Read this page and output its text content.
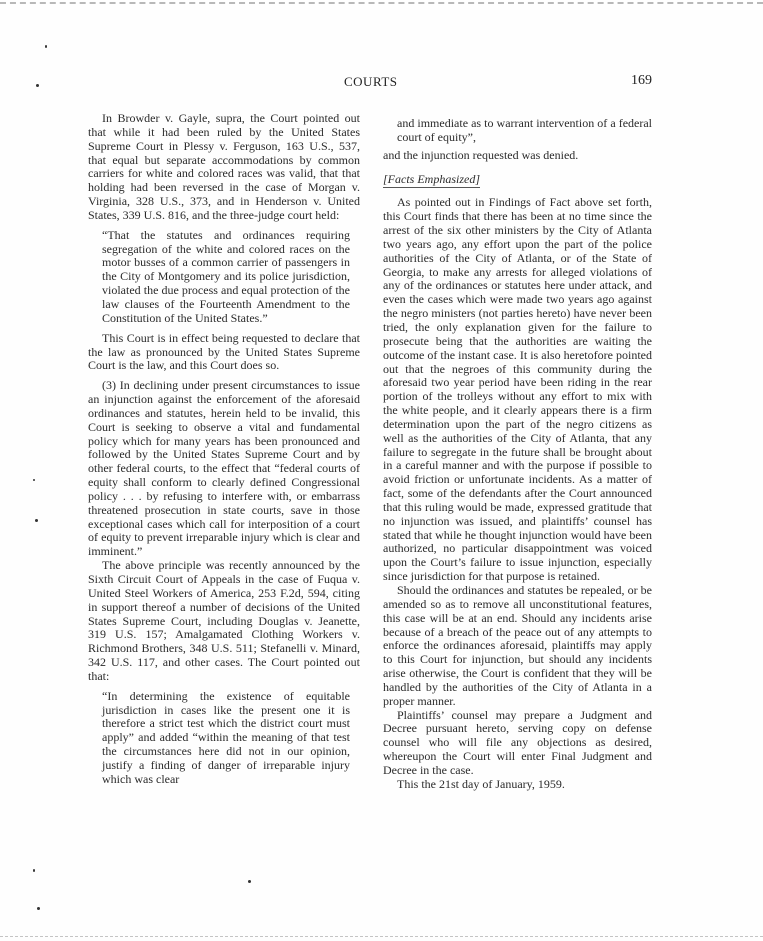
COURTS	169

In Browder v. Gayle, supra, the Court pointed out that while it had been ruled by the United States Supreme Court in Plessy v. Ferguson, 163 U.S., 537, that equal but separate accommodations by common carriers for white and colored races was valid, that that holding had been reversed in the case of Morgan v. Virginia, 328 U.S., 373, and in Henderson v. United States, 339 U.S. 816, and the three-judge court held:

“That the statutes and ordinances requiring segregation of the white and colored races on the motor busses of a common carrier of passengers in the City of Montgomery and its police jurisdiction, violated the due process and equal protection of the law clauses of the Fourteenth Amendment to the Constitution of the United States.”

This Court is in effect being requested to declare that the law as pronounced by the United States Supreme Court is the law, and this Court does so.

(3) In declining under present circumstances to issue an injunction against the enforcement of the aforesaid ordinances and statutes, herein held to be invalid, this Court is seeking to observe a vital and fundamental policy which for many years has been pronounced and followed by the United States Supreme Court and by other federal courts, to the effect that “federal courts of equity shall conform to clearly defined Congressional policy . . . by refusing to interfere with, or embarrass threatened prosecution in state courts, save in those exceptional cases which call for interposition of a court of equity to prevent irreparable injury which is clear and imminent.”

The above principle was recently announced by the Sixth Circuit Court of Appeals in the case of Fuqua v. United Steel Workers of America, 253 F.2d, 594, citing in support thereof a number of decisions of the United States Supreme Court, including Douglas v. Jeanette, 319 U.S. 157; Amalgamated Clothing Workers v. Richmond Brothers, 348 U.S. 511; Stefanelli v. Minard, 342 U.S. 117, and other cases. The Court pointed out that:

“In determining the existence of equitable jurisdiction in cases like the present one it is therefore a strict test which the district court must apply” and added “within the meaning of that test the circumstances here did not in our opinion, justify a finding of danger of irreparable injury which was clear

and immediate as to warrant intervention of a federal court of equity”,

and the injunction requested was denied.

[Facts Emphasized]

As pointed out in Findings of Fact above set forth, this Court finds that there has been at no time since the arrest of the six other ministers by the City of Atlanta two years ago, any effort upon the part of the police authorities of the City of Atlanta, or of the State of Georgia, to make any arrests for alleged violations of any of the ordinances or statutes here under attack, and even the cases which were made two years ago against the negro ministers (not parties hereto) have never been tried, the only explanation given for the failure to prosecute being that the authorities are waiting the outcome of the instant case. It is also heretofore pointed out that the negroes of this community during the aforesaid two year period have been riding in the rear portion of the trolleys without any effort to mix with the white people, and it clearly appears there is a firm determination upon the part of the negro citizens as well as the authorities of the City of Atlanta, that any failure to segregate in the future shall be brought about in a careful manner and with the purpose if possible to avoid friction or unfortunate incidents. As a matter of fact, some of the defendants after the Court announced that this ruling would be made, expressed gratitude that no injunction was issued, and plaintiffs’ counsel has stated that while he thought injunction would have been authorized, no particular disappointment was voiced upon the Court’s failure to issue injunction, especially since jurisdiction for that purpose is retained.

Should the ordinances and statutes be repealed, or be amended so as to remove all unconstitutional features, this case will be at an end. Should any incidents arise because of a breach of the peace out of any attempts to enforce the ordinances aforesaid, plaintiffs may apply to this Court for injunction, but should any incidents arise otherwise, the Court is confident that they will be handled by the authorities of the City of Atlanta in a proper manner.

Plaintiffs’ counsel may prepare a Judgment and Decree pursuant hereto, serving copy on defense counsel who will file any objections as desired, whereupon the Court will enter Final Judgment and Decree in the case.

This the 21st day of January, 1959.
